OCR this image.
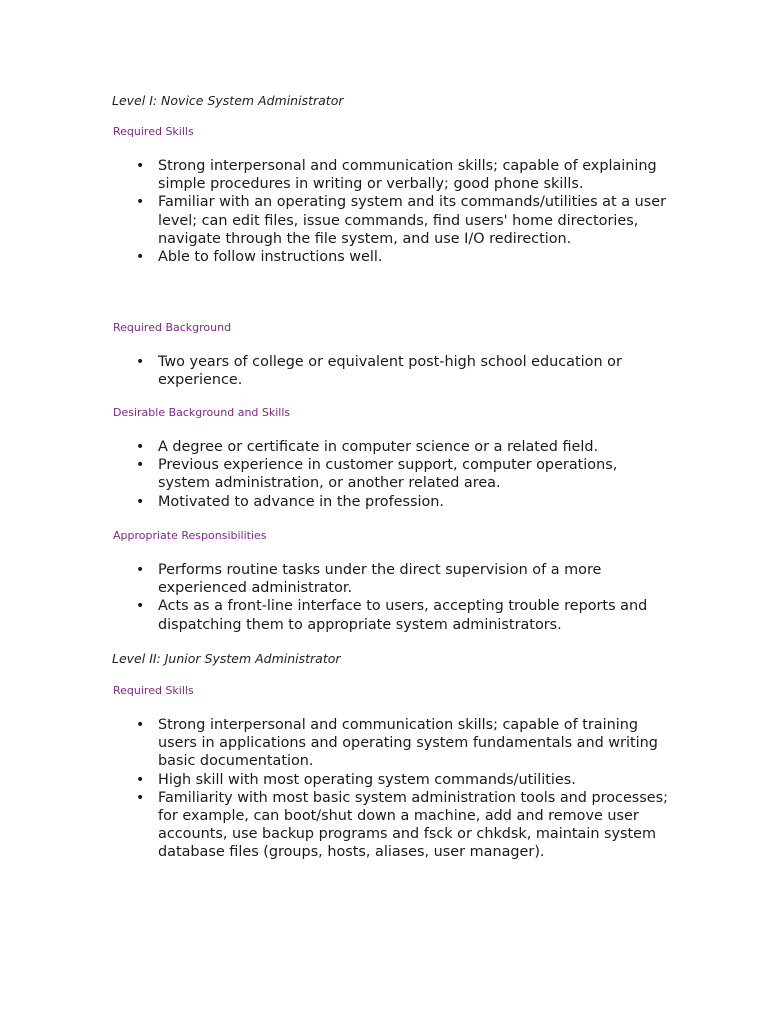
Level I: Novice System Administrator
Required Skills
• Strong interpersonal and communication skills; capable of explaining simple procedures in writing or verbally; good phone skills.
• Familiar with an operating system and its commands/utilities at a user level; can edit files, issue commands, find users' home directories, navigate through the file system, and use I/O redirection.
• Able to follow instructions well.
Required Background
• Two years of college or equivalent post-high school education or experience.
Desirable Background and Skills
• A degree or certificate in computer science or a related field.
• Previous experience in customer support, computer operations, system administration, or another related area.
• Motivated to advance in the profession.
Appropriate Responsibilities
• Performs routine tasks under the direct supervision of a more experienced administrator.
• Acts as a front-line interface to users, accepting trouble reports and dispatching them to appropriate system administrators.
Level II: Junior System Administrator
Required Skills
• Strong interpersonal and communication skills; capable of training users in applications and operating system fundamentals and writing basic documentation.
• High skill with most operating system commands/utilities.
• Familiarity with most basic system administration tools and processes; for example, can boot/shut down a machine, add and remove user accounts, use backup programs and fsck or chkdsk, maintain system database files (groups, hosts, aliases, user manager).
